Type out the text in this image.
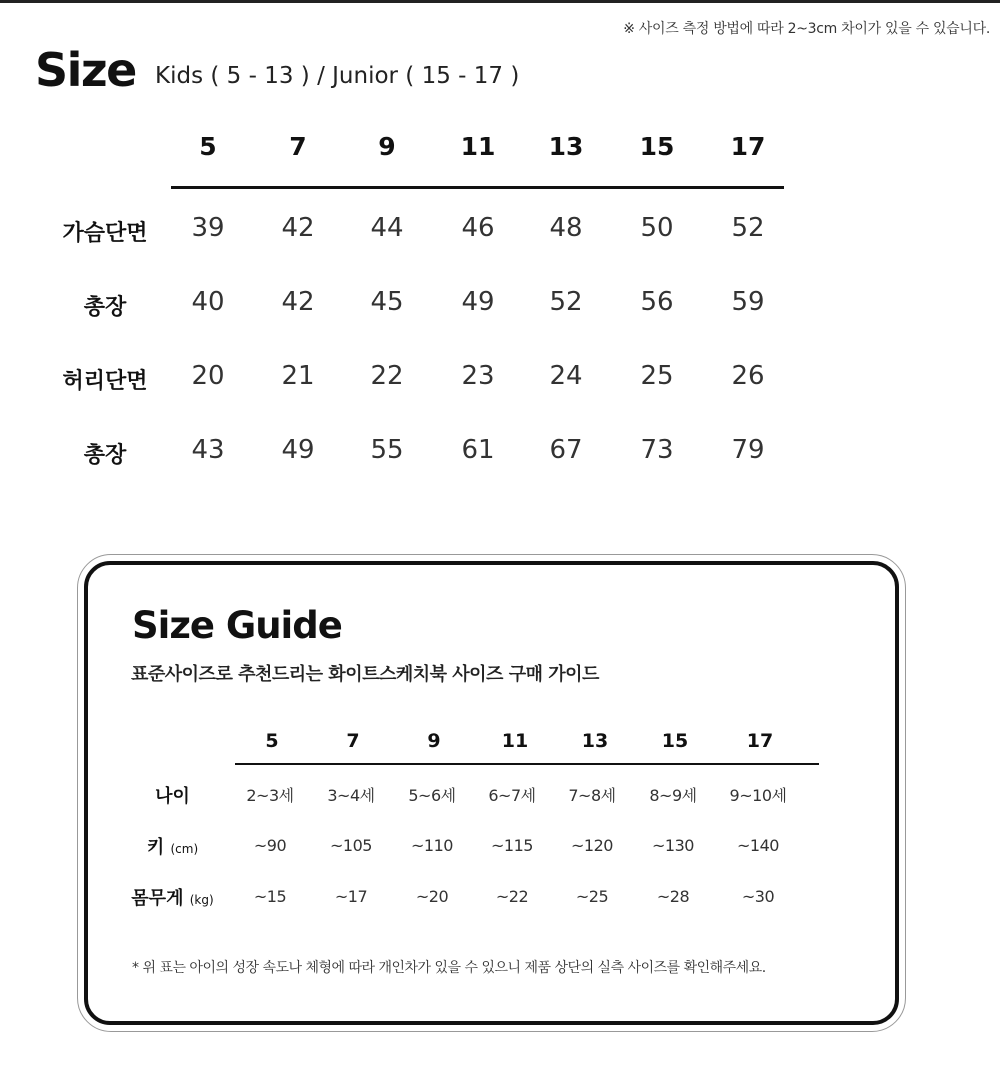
※ 사이즈 측정 방법에 따라 2~3cm 차이가 있을 수 있습니다.
Size Kids ( 5 - 13 ) / Junior ( 15 - 17 )
5	7	9	11	13	15	17
가슴단면	39	42	44	46	48	50	52
총장	40	42	45	49	52	56	59
허리단면	20	21	22	23	24	25	26
총장	43	49	55	61	67	73	79
Size Guide
표준사이즈로 추천드리는 화이트스케치북 사이즈 구매 가이드
5	7	9	11	13	15	17
나이	2~3세	3~4세	5~6세	6~7세	7~8세	8~9세	9~10세
키 (cm)	~90	~105	~110	~115	~120	~130	~140
몸무게 (kg)	~15	~17	~20	~22	~25	~28	~30
* 위 표는 아이의 성장 속도나 체형에 따라 개인차가 있을 수 있으니 제품 상단의 실측 사이즈를 확인해주세요.
